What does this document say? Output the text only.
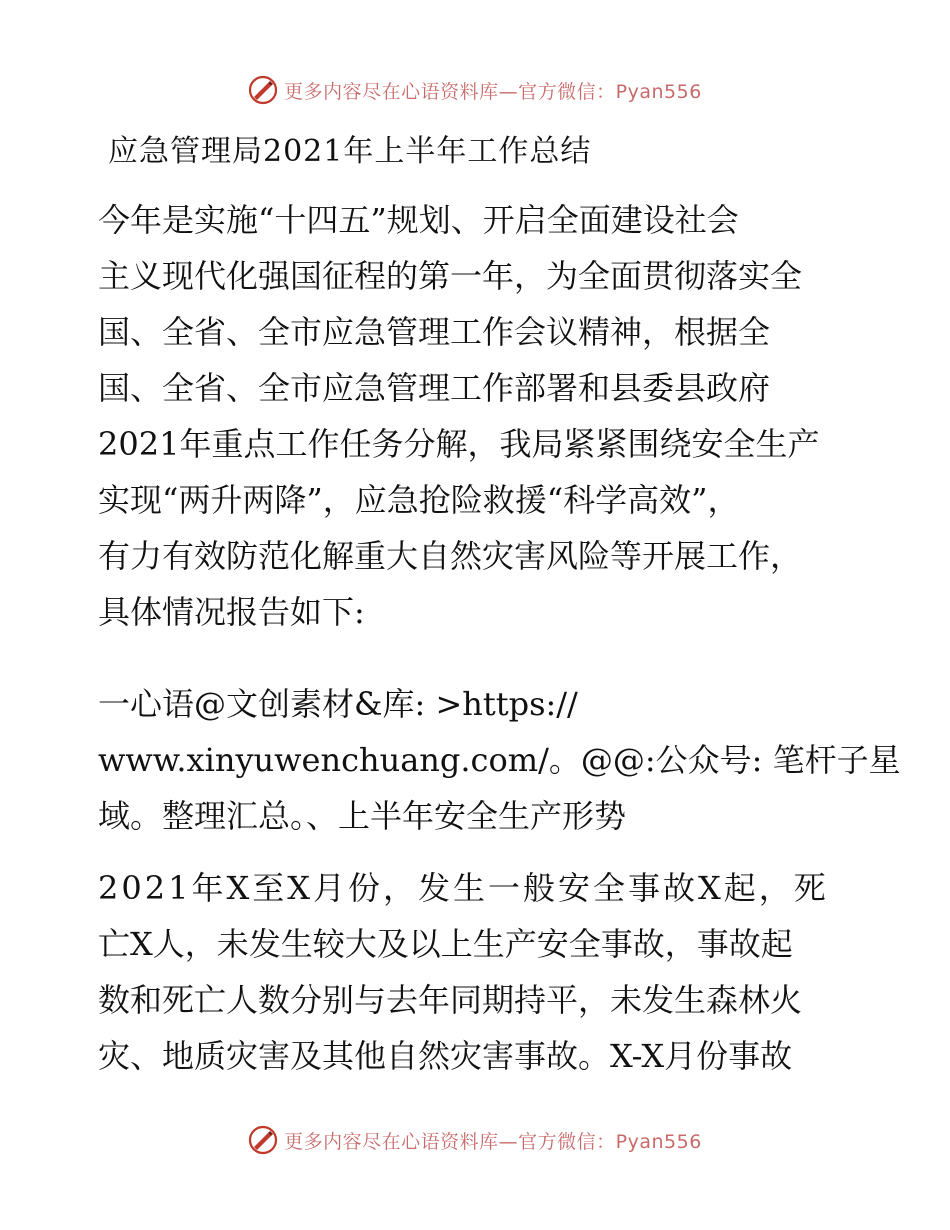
更多内容尽在心语资料库—官方微信：Pyan556
应急管理局2021年上半年工作总结
今年是实施“十四五”规划、开启全面建设社会
主义现代化强国征程的第一年，为全面贯彻落实全
国、全省、全市应急管理工作会议精神，根据全
国、全省、全市应急管理工作部署和县委县政府
2021年重点工作任务分解，我局紧紧围绕安全生产
实现“两升两降”，应急抢险救援“科学高效”，
有力有效防范化解重大自然灾害风险等开展工作，
具体情况报告如下:
一心语@文创素材&库: >https://
www.xinyuwenchuang.com/。@@:公众号: 笔杆子星
域。整理汇总。、上半年安全生产形势
2021年X至X月份，发生一般安全事故X起，死
亡X人，未发生较大及以上生产安全事故，事故起
数和死亡人数分别与去年同期持平，未发生森林火
灾、地质灾害及其他自然灾害事故。X-X月份事故
更多内容尽在心语资料库—官方微信：Pyan556
